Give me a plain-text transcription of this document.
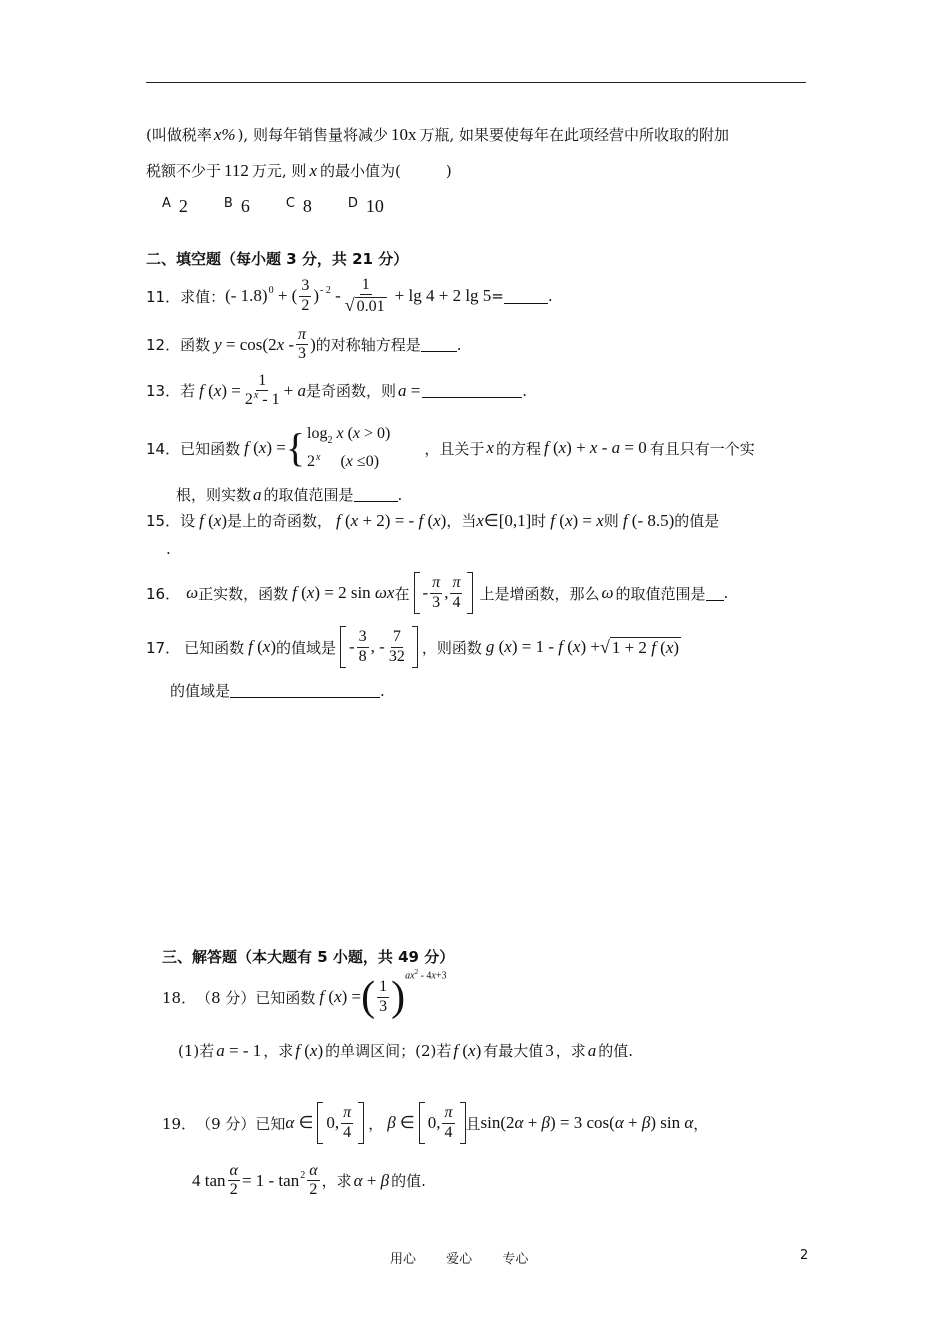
(叫做税率 x% ), 则每年销售量将减少 10x 万瓶, 如果要使每年在此项经营中所收取的附加
税额不少于 112 万元, 则 x 的最小值为(　　　)
A 2	B 6	C 8	D 10
二、填空题（每小题 3 分，共 21 分）
11． 求值： (- 1.8)$^0$ + ( $\frac{3}{2} )^{- 2} - \frac{1}{√ 0.01} + \lg 4 + 2$ lg 5 =	.
12． 函数 $y = \cos(2x - \frac{\pi}{3}$ ) 的对称轴方程是 .
13． 若 f $(x) = \frac{1}{2^x - 1} + a$ 是奇函数，则 a =	.
14． 已知函数 f (x) = { $\log_2 x$ (x > 0)
2$^x$     (x ≤0)
，且关于 x 的方程 f (x) + x - a = 0 有且只有一个实
根，则实数 a 的取值范围是	.
15． 设 f (x) 是上的奇函数， f (x + 2) = - f (x) ，当 x∈[0,1] 时 f (x) = x 则 f (- 8.5) 的值是
.
16． ω 正实数，函数 f (x) = 2 sin ωx 在 - $\frac{\pi}{3}$ , $\frac{\pi}{4}$ 上是增函数，那么 ω 的取值范围是 .
17． 已知函数 f (x) 的值域是 - $\frac{3}{8}$ , - $\frac{7}{32}$ ，则函数 g (x) = 1 - f (x) + √ 1 + 2 f (x)
的值域是	.
三、解答题（本大题有 5 小题，共 49 分）
18． （8 分） 已知函数 f (x) = ( $\frac{1}{3}$ ) $ax^2 - 4x+3$
(1)若 a = - 1 ，求 f (x) 的单调区间；(2)若 f (x) 有最大值 3 ，求 a 的值.
19． （9 分） 已知 α ∈ 0, $\frac{\pi}{4}$ ， β ∈ 0, $\frac{\pi}{4}$ 且 sin(2α + β) = 3 cos(α + β) sin α ，
4 $\tan \frac{\alpha}{2} = 1 - \tan^2 \frac{\alpha}{2}$ ，求 α + β 的值.
用心 爱心 专心	2
